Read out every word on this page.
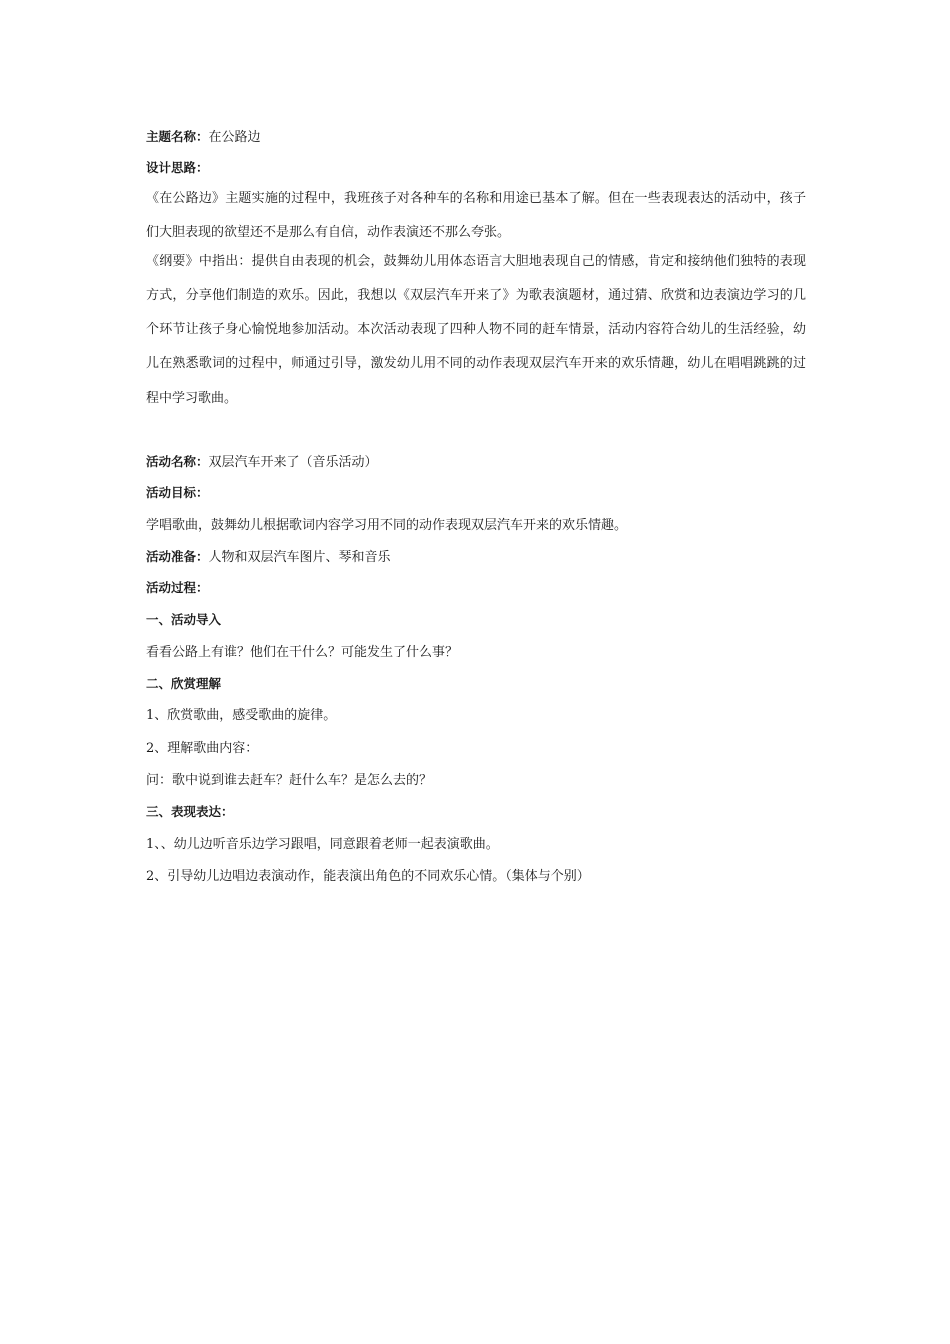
主题名称：在公路边
设计思路：

《在公路边》主题实施的过程中，我班孩子对各种车的名称和用途已基本了解。但在一些表现表达的活动中，孩子们大胆表现的欲望还不是那么有自信，动作表演还不那么夸张。

《纲要》中指出：提供自由表现的机会，鼓舞幼儿用体态语言大胆地表现自己的情感，肯定和接纳他们独特的表现方式，分享他们制造的欢乐。因此，我想以《双层汽车开来了》为歌表演题材，通过猜、欣赏和边表演边学习的几个环节让孩子身心愉悦地参加活动。本次活动表现了四种人物不同的赶车情景，活动内容符合幼儿的生活经验，幼儿在熟悉歌词的过程中，师通过引导，激发幼儿用不同的动作表现双层汽车开来的欢乐情趣，幼儿在唱唱跳跳的过程中学习歌曲。

活动名称：双层汽车开来了（音乐活动）
活动目标：
学唱歌曲，鼓舞幼儿根据歌词内容学习用不同的动作表现双层汽车开来的欢乐情趣。
活动准备：人物和双层汽车图片、琴和音乐
活动过程：
一、活动导入
看看公路上有谁？他们在干什么？可能发生了什么事？
二、欣赏理解
1、欣赏歌曲，感受歌曲的旋律。
2、理解歌曲内容：
问：歌中说到谁去赶车？赶什么车？是怎么去的？
三、表现表达：
1、、幼儿边听音乐边学习跟唱，同意跟着老师一起表演歌曲。
2、引导幼儿边唱边表演动作，能表演出角色的不同欢乐心情。（集体与个别）
